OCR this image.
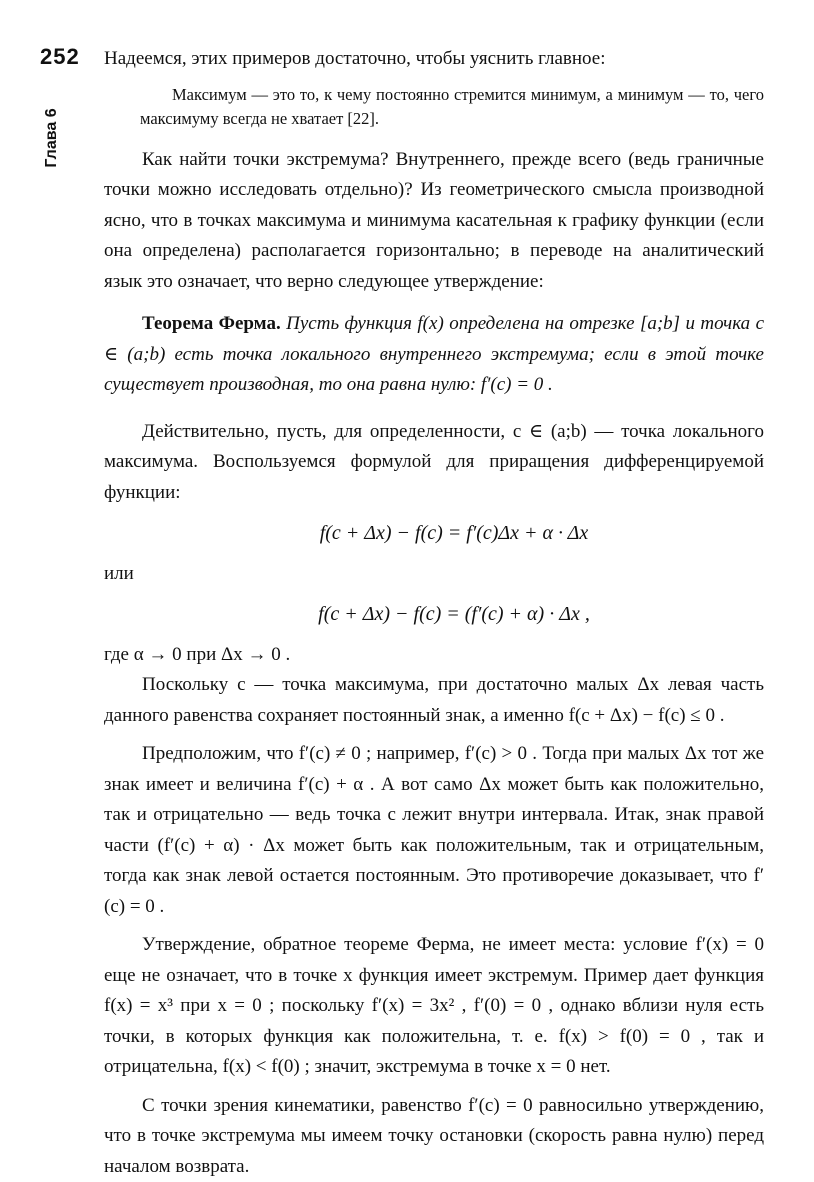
252
Глава 6

Надеемся, этих примеров достаточно, чтобы уяснить главное:

Максимум — это то, к чему постоянно стремится минимум, а минимум — то, чего максимуму всегда не хватает [22].

Как найти точки экстремума? Внутреннего, прежде всего (ведь граничные точки можно исследовать отдельно)? Из геометрического смысла производной ясно, что в точках максимума и минимума касательная к графику функции (если она определена) располагается горизонтально; в переводе на аналитический язык это означает, что верно следующее утверждение:

Теорема Ферма. Пусть функция f(x) определена на отрезке [a;b] и точка c ∈ (a;b) есть точка локального внутреннего экстремума; если в этой точке существует производная, то она равна нулю: f′(c) = 0 .

Действительно, пусть, для определенности, c ∈ (a;b) — точка локального максимума. Воспользуемся формулой для приращения дифференцируемой функции:

f(c + Δx) − f(c) = f′(c)Δx + α · Δx

или

f(c + Δx) − f(c) = (f′(c) + α) · Δx ,

где α → 0 при Δx → 0 .

Поскольку c — точка максимума, при достаточно малых Δx левая часть данного равенства сохраняет постоянный знак, а именно f(c + Δx) − f(c) ≤ 0 .

Предположим, что f′(c) ≠ 0 ; например, f′(c) > 0 . Тогда при малых Δx тот же знак имеет и величина f′(c) + α . А вот само Δx может быть как положительно, так и отрицательно — ведь точка c лежит внутри интервала. Итак, знак правой части (f′(c) + α) · Δx может быть как положительным, так и отрицательным, тогда как знак левой остается постоянным. Это противоречие доказывает, что f′(c) = 0 .

Утверждение, обратное теореме Ферма, не имеет места: условие f′(x) = 0 еще не означает, что в точке x функция имеет экстремум. Пример дает функция f(x) = x³ при x = 0 ; поскольку f′(x) = 3x² , f′(0) = 0 , однако вблизи нуля есть точки, в которых функция как положительна, т. е. f(x) > f(0) = 0 , так и отрицательна, f(x) < f(0) ; значит, экстремума в точке x = 0 нет.

С точки зрения кинематики, равенство f′(c) = 0 равносильно утверждению, что в точке экстремума мы имеем точку остановки (скорость равна нулю) перед началом возврата.
